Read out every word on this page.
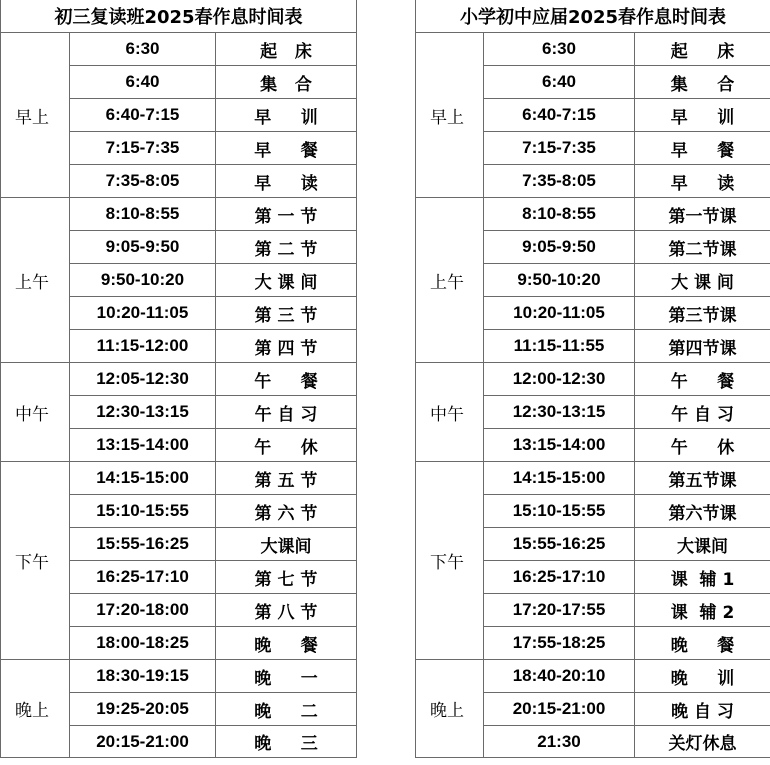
初三复读班2025春作息时间表		
早上	6:30	起   床
	6:40	集   合
	6:40-7:15	早     训
	7:15-7:35	早     餐
	7:35-8:05	早     读
上午	8:10-8:55	第 一 节
	9:05-9:50	第 二 节
	9:50-10:20	大 课 间
	10:20-11:05	第 三 节
	11:15-12:00	第 四 节
中午	12:05-12:30	午     餐
	12:30-13:15	午 自 习
	13:15-14:00	午     休
下午	14:15-15:00	第 五 节
	15:10-15:55	第 六 节
	15:55-16:25	大课间
	16:25-17:10	第 七 节
	17:20-18:00	第 八 节
	18:00-18:25	晚     餐
晚上	18:30-19:15	晚     一
	19:25-20:05	晚     二
	20:15-21:00	晚     三
小学初中应届2025春作息时间表		
早上	6:30	起     床
	6:40	集     合
	6:40-7:15	早     训
	7:15-7:35	早     餐
	7:35-8:05	早     读
上午	8:10-8:55	第一节课
	9:05-9:50	第二节课
	9:50-10:20	大 课 间
	10:20-11:05	第三节课
	11:15-11:55	第四节课
中午	12:00-12:30	午     餐
	12:30-13:15	午 自 习
	13:15-14:00	午     休
下午	14:15-15:00	第五节课
	15:10-15:55	第六节课
	15:55-16:25	大课间
	16:25-17:10	课  辅 1
	17:20-17:55	课  辅 2
	17:55-18:25	晚     餐
晚上	18:40-20:10	晚     训
	20:15-21:00	晚 自 习
	21:30	关灯休息
